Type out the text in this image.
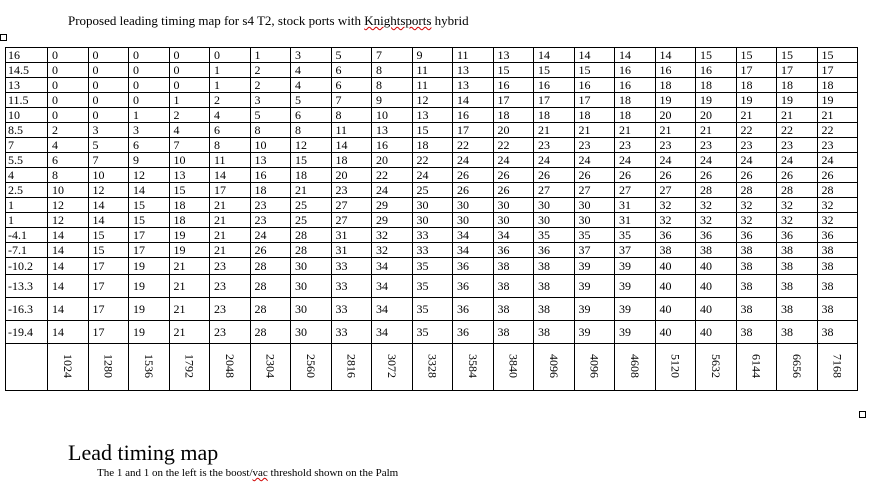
Proposed leading timing map for s4 T2, stock ports with Knightsports hybrid
16	0	0	0	0	0	1	3	5	7	9	11	13	14	14	14	14	15	15	15	15
14.5	0	0	0	0	1	2	4	6	8	11	13	15	15	15	16	16	16	17	17	17
13	0	0	0	0	1	2	4	6	8	11	13	16	16	16	16	18	18	18	18	18
11.5	0	0	0	1	2	3	5	7	9	12	14	17	17	17	18	19	19	19	19	19
10	0	0	1	2	4	5	6	8	10	13	16	18	18	18	18	20	20	21	21	21
8.5	2	3	3	4	6	8	8	11	13	15	17	20	21	21	21	21	21	22	22	22
7	4	5	6	7	8	10	12	14	16	18	22	22	23	23	23	23	23	23	23	23
5.5	6	7	9	10	11	13	15	18	20	22	24	24	24	24	24	24	24	24	24	24
4	8	10	12	13	14	16	18	20	22	24	26	26	26	26	26	26	26	26	26	26
2.5	10	12	14	15	17	18	21	23	24	25	26	26	27	27	27	27	28	28	28	28
1	12	14	15	18	21	23	25	27	29	30	30	30	30	30	31	32	32	32	32	32
1	12	14	15	18	21	23	25	27	29	30	30	30	30	30	31	32	32	32	32	32
-4.1	14	15	17	19	21	24	28	31	32	33	34	34	35	35	35	36	36	36	36	36
-7.1	14	15	17	19	21	26	28	31	32	33	34	36	36	37	37	38	38	38	38	38
-10.2	14	17	19	21	23	28	30	33	34	35	36	38	38	39	39	40	40	38	38	38
-13.3	14	17	19	21	23	28	30	33	34	35	36	38	38	39	39	40	40	38	38	38
-16.3	14	17	19	21	23	28	30	33	34	35	36	38	38	39	39	40	40	38	38	38
-19.4	14	17	19	21	23	28	30	33	34	35	36	38	38	39	39	40	40	38	38	38
	1024	1280	1536	1792	2048	2304	2560	2816	3072	3328	3584	3840	4096	4096	4608	5120	5632	6144	6656	7168
Lead timing map
The 1 and 1 on the left is the boost/vac threshold shown on the Palm
